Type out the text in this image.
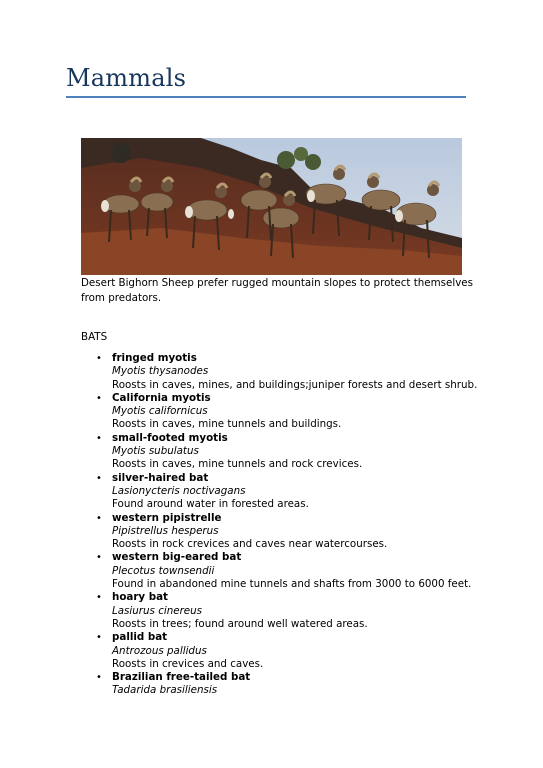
Mammals
Desert Bighorn Sheep prefer rugged mountain slopes to protect themselves from predators.
BATS
• fringed myotis
Myotis thysanodes
Roosts in caves, mines, and buildings;juniper forests and desert shrub.
• California myotis
Myotis californicus
Roosts in caves, mine tunnels and buildings.
• small-footed myotis
Myotis subulatus
Roosts in caves, mine tunnels and rock crevices.
• silver-haired bat
Lasionycteris noctivagans
Found around water in forested areas.
• western pipistrelle
Pipistrellus hesperus
Roosts in rock crevices and caves near watercourses.
• western big-eared bat
Plecotus townsendii
Found in abandoned mine tunnels and shafts from 3000 to 6000 feet.
• hoary bat
Lasiurus cinereus
Roosts in trees; found around well watered areas.
• pallid bat
Antrozous pallidus
Roosts in crevices and caves.
• Brazilian free-tailed bat
Tadarida brasiliensis
